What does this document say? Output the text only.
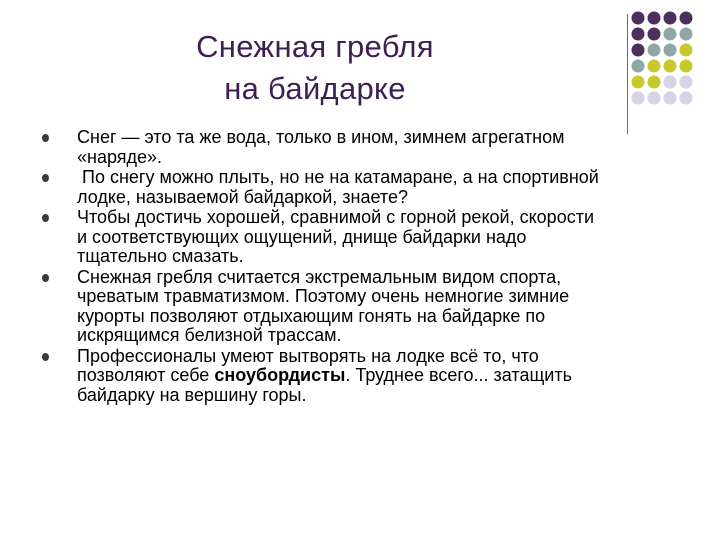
Снежная гребля
на байдарке
Снег — это та же вода, только в ином, зимнем агрегатном «наряде».
По снегу можно плыть, но не на катамаране, а на спортивной лодке, называемой байдаркой, знаете?
Чтобы достичь хорошей, сравнимой с горной рекой, скорости и соответствующих ощущений, днище байдарки надо тщательно смазать.
Снежная гребля считается экстремальным видом спорта, чреватым травматизмом. Поэтому очень немногие зимние курорты позволяют отдыхающим гонять на байдарке по искрящимся белизной трассам.
Профессионалы умеют вытворять на лодке всё то, что позволяют себе сноубордисты. Труднее всего... затащить байдарку на вершину горы.
